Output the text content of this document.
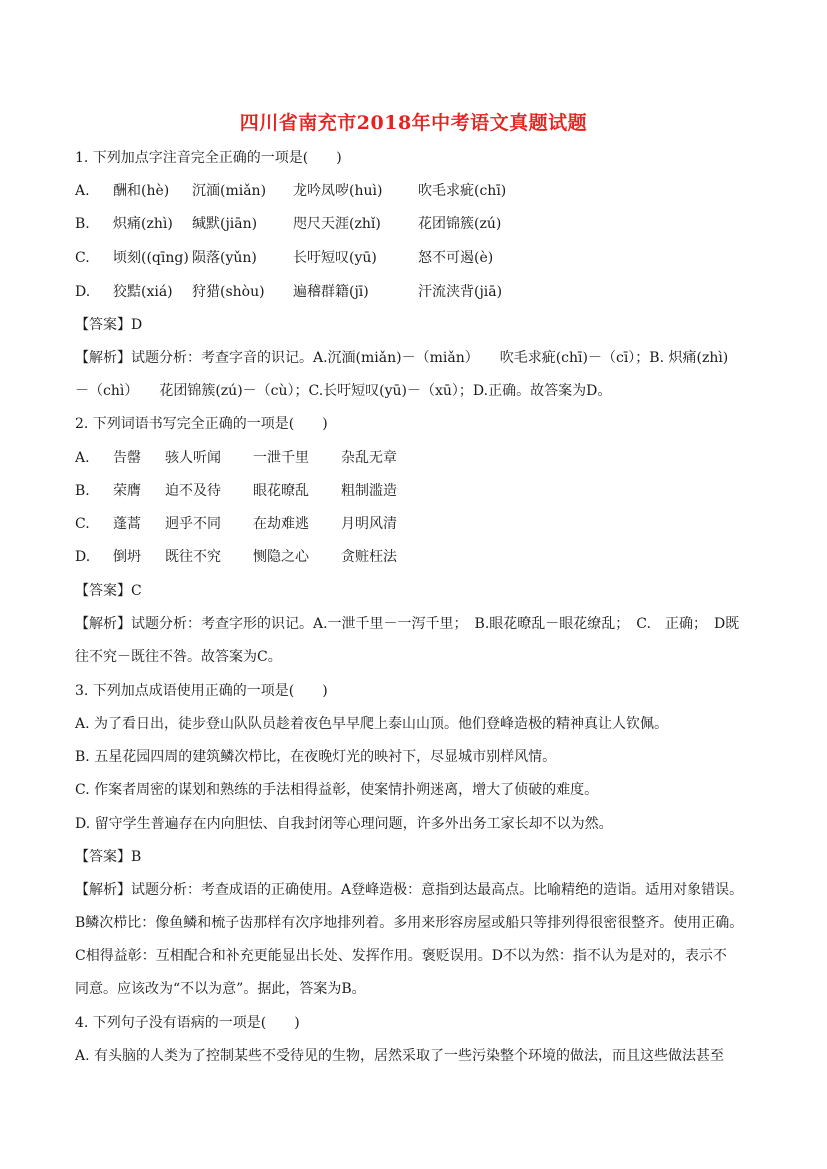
四川省南充市2018年中考语文真题试题
1. 下列加点字注音完全正确的一项是(　　)
A.	酬和(hè)	沉湎(miǎn)	龙吟凤哕(huì)	吹毛求疵(chī)
B.	炽痛(zhì)	缄默(jiān)	咫尺天涯(zhǐ)	花团锦簇(zú)
C.	顷刻((qīng) 陨落(yǔn)	长吁短叹(yū)	怒不可遏(è)
D.	狡黠(xiá)	狩猎(shòu)	遍稽群籍(jī)	汗流浃背(jiā)
【答案】D
【解析】试题分析：考查字音的识记。A.沉湎(miǎn)－（miǎn）　　吹毛求疵(chī)－（cī）；B. 炽痛(zhì)
－（chì）　　花团锦簇(zú)－（cù）；C.长吁短叹(yū)－（xū）；D.正确。故答案为D。
2. 下列词语书写完全正确的一项是(　　)
A.	告罄	骇人听闻	一泄千里	杂乱无章
B.	荣膺	迫不及待	眼花暸乱	粗制滥造
C.	蓬蒿	迥乎不同	在劫难逃	月明风清
D.	倒坍	既往不究	恻隐之心	贪赃枉法
【答案】C
【解析】试题分析：考查字形的识记。A.一泄千里－一泻千里；　B.眼花暸乱－眼花缭乱；　C.　正确；　D既
往不究－既往不咎。故答案为C。
3. 下列加点成语使用正确的一项是(　　)
A. 为了看日出，徒步登山队队员趁着夜色早早爬上泰山山顶。他们登峰造极的精神真让人钦佩。
B. 五星花园四周的建筑鳞次栉比，在夜晚灯光的映衬下，尽显城市别样风情。
C. 作案者周密的谋划和熟练的手法相得益彰，使案情扑朔迷离，增大了侦破的难度。
D. 留守学生普遍存在内向胆怯、自我封闭等心理问题，许多外出务工家长却不以为然。
【答案】B
【解析】试题分析：考查成语的正确使用。A登峰造极：意指到达最高点。比喻精绝的造诣。适用对象错误。
B鳞次栉比：像鱼鳞和梳子齿那样有次序地排列着。多用来形容房屋或船只等排列得很密很整齐。使用正确。
C相得益彰：互相配合和补充更能显出长处、发挥作用。褒贬误用。D不以为然：指不认为是对的，表示不
同意。应该改为“不以为意”。据此，答案为B。
4. 下列句子没有语病的一项是(　　)
A. 有头脑的人类为了控制某些不受待见的生物，居然采取了一些污染整个环境的做法，而且这些做法甚至
